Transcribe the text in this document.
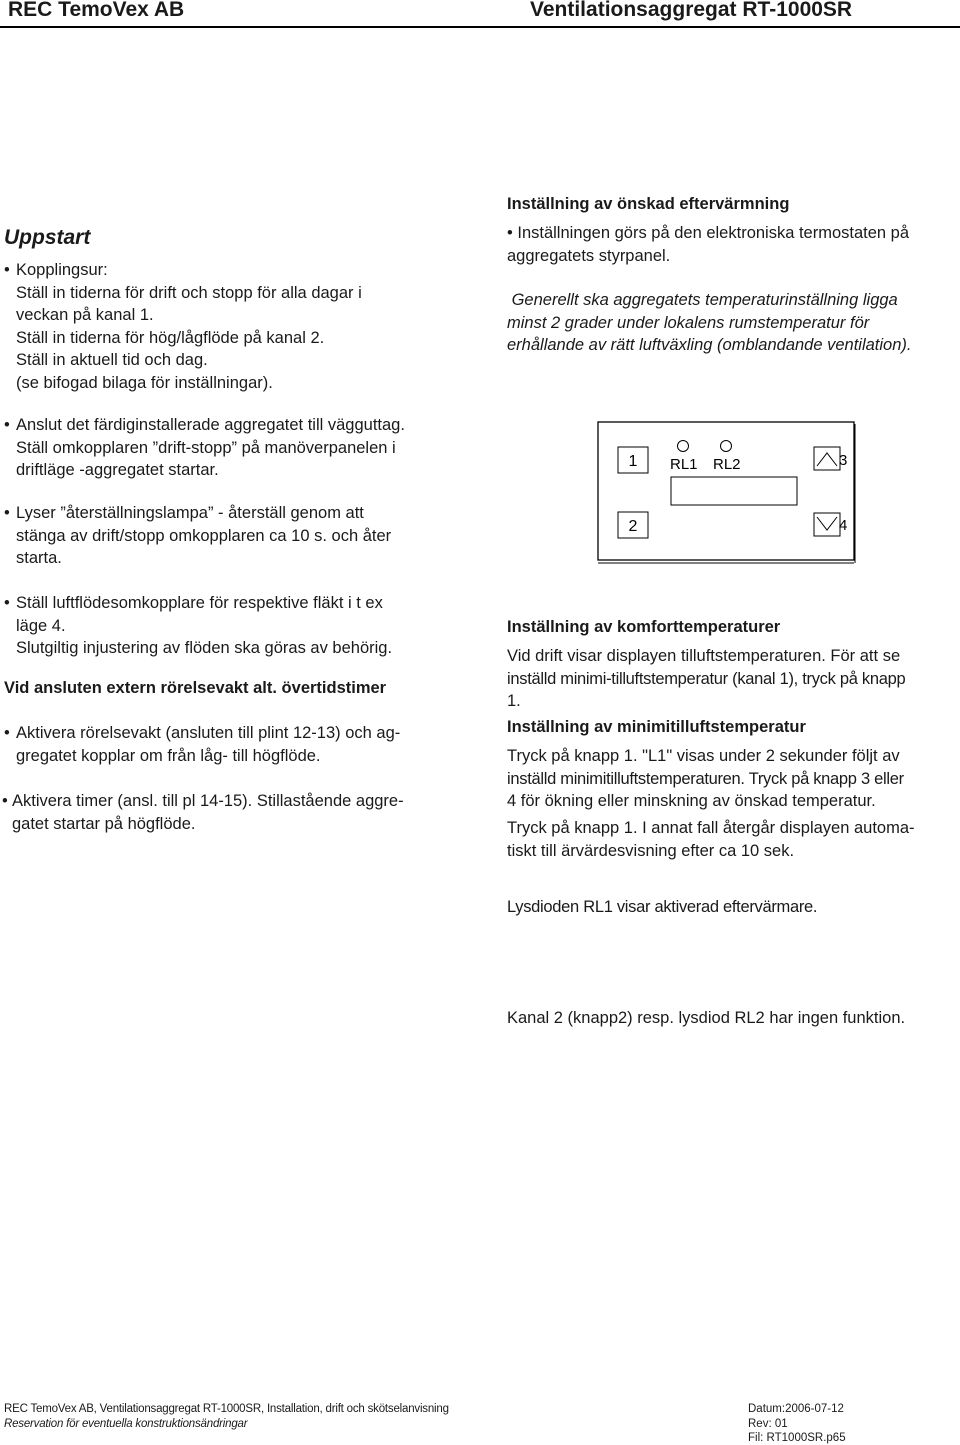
REC TemoVex AB	Ventilationsaggregat RT-1000SR
Uppstart
• Kopplingsur:

Ställ in tiderna för drift och stopp för alla dagar i

veckan på kanal 1.

Ställ in tiderna för hög/lågflöde på kanal 2.

Ställ in aktuell tid och dag.

(se bifogad bilaga för inställningar).

• Anslut det färdiginstallerade aggregatet till vägguttag.

Ställ omkopplaren ”drift-stopp” på manöverpanelen i

driftläge -aggregatet startar.

• Lyser ”återställningslampa” - återställ genom att

stänga av drift/stopp omkopplaren ca 10 s. och åter

starta.

• Ställ luftflödesomkopplare för respektive fläkt i t ex

läge 4.

Slutgiltig injustering av flöden ska göras av behörig.

Vid ansluten extern rörelsevakt alt. övertidstimer
• Aktivera rörelsevakt (ansluten till plint 12-13) och ag-

gregatet kopplar om från låg- till högflöde.

• Aktivera timer (ansl. till pl 14-15). Stillastående aggre-

gatet startar på högflöde.

Inställning av önskad eftervärmning

• Inställningen görs på den elektroniska termostaten på

aggregatets styrpanel.

Generellt ska aggregatets temperaturinställning ligga

minst 2 grader under lokalens rumstemperatur för

erhållande av rätt luftväxling (omblandande ventilation).

1 RL1 RL2	3
2	4
Inställning av komforttemperaturer

Vid drift visar displayen tilluftstemperaturen. För att se

inställd minimi-tilluftstemperatur (kanal 1), tryck på knapp

1.

Inställning av minimitilluftstemperatur

Tryck på knapp 1. "L1" visas under 2 sekunder följt av

inställd minimitilluftstemperaturen. Tryck på knapp 3 eller

4 för ökning eller minskning av önskad temperatur.

Tryck på knapp 1. I annat fall återgår displayen automa-

tiskt till ärvärdesvisning efter ca 10 sek.

Lysdioden RL1 visar aktiverad eftervärmare.
Kanal 2 (knapp2) resp. lysdiod RL2 har ingen funktion.
REC TemoVex AB, Ventilationsaggregat RT-1000SR, Installation, drift och skötselanvisning
Reservation för eventuella konstruktionsändringar
Datum:2006-07-12
Rev: 01
Fil: RT1000SR.p65
